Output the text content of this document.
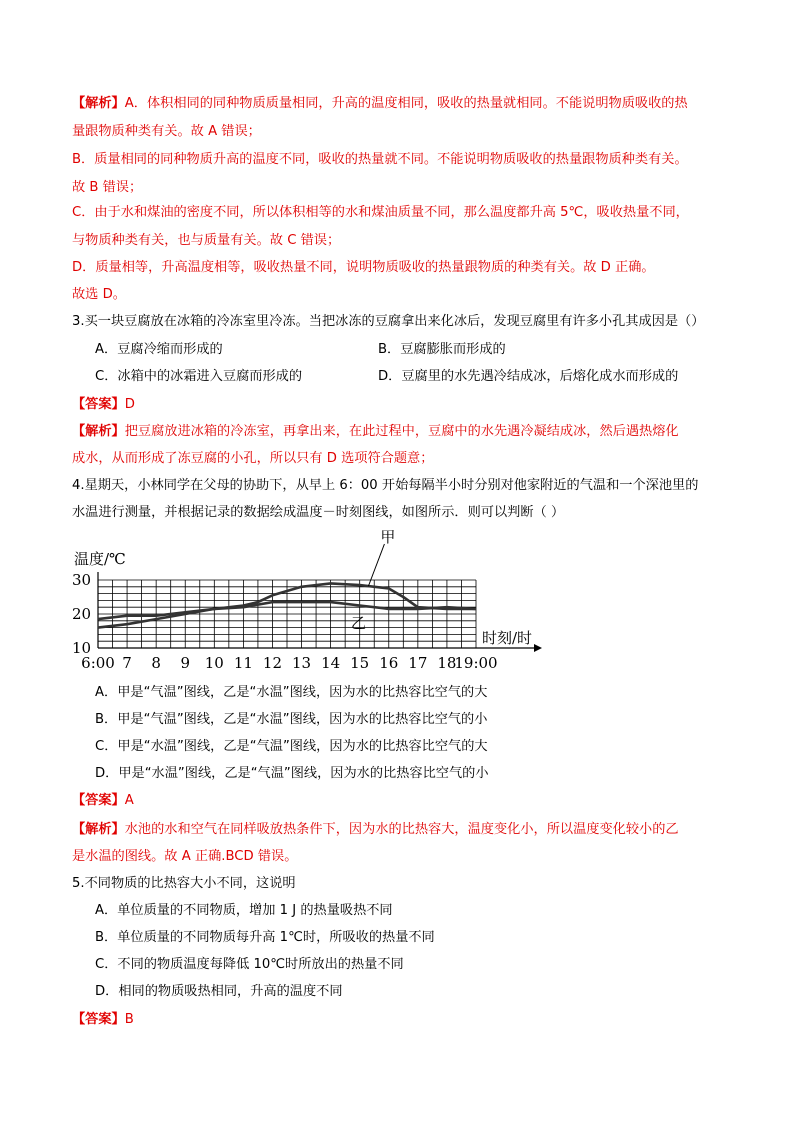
【解析】A．体积相同的同种物质质量相同，升高的温度相同，吸收的热量就相同。不能说明物质吸收的热

量跟物质种类有关。故 A 错误；

B．质量相同的同种物质升高的温度不同，吸收的热量就不同。不能说明物质吸收的热量跟物质种类有关。

故 B 错误；

C．由于水和煤油的密度不同，所以体积相等的水和煤油质量不同，那么温度都升高 5℃，吸收热量不同，

与物质种类有关，也与质量有关。故 C 错误；

D．质量相等，升高温度相等，吸收热量不同，说明物质吸收的热量跟物质的种类有关。故 D 正确。

故选 D。

3.买一块豆腐放在冰箱的冷冻室里冷冻。当把冰冻的豆腐拿出来化冰后，发现豆腐里有许多小孔其成因是（）

A．豆腐冷缩而形成的	B．豆腐膨胀而形成的

C．冰箱中的冰霜进入豆腐而形成的	D．豆腐里的水先遇冷结成冰，后熔化成水而形成的

【答案】D

【解析】把豆腐放进冰箱的冷冻室，再拿出来，在此过程中，豆腐中的水先遇冷凝结成冰，然后遇热熔化

成水，从而形成了冻豆腐的小孔，所以只有 D 选项符合题意；

4.星期天，小林同学在父母的协助下，从早上 6：00 开始每隔半小时分别对他家附近的气温和一个深池里的

水温进行测量，并根据记录的数据绘成温度－时刻图线，如图所示．则可以判断（ ）

10
20
30
6:00 7 8 9 10 11 12 13 14 15 16 17 18
19:00
温度/℃
时刻/时
甲
乙

A．甲是“气温”图线，乙是“水温”图线，因为水的比热容比空气的大

B．甲是“气温”图线，乙是“水温”图线，因为水的比热容比空气的小

C．甲是“水温”图线，乙是“气温”图线，因为水的比热容比空气的大

D．甲是“水温”图线，乙是“气温”图线，因为水的比热容比空气的小

【答案】A

【解析】水池的水和空气在同样吸放热条件下，因为水的比热容大，温度变化小，所以温度变化较小的乙

是水温的图线。故 A 正确.BCD 错误。

5.不同物质的比热容大小不同，这说明

A．单位质量的不同物质，增加 1 J 的热量吸热不同

B．单位质量的不同物质每升高 1℃时，所吸收的热量不同

C．不同的物质温度每降低 10℃时所放出的热量不同

D．相同的物质吸热相同，升高的温度不同

【答案】B
